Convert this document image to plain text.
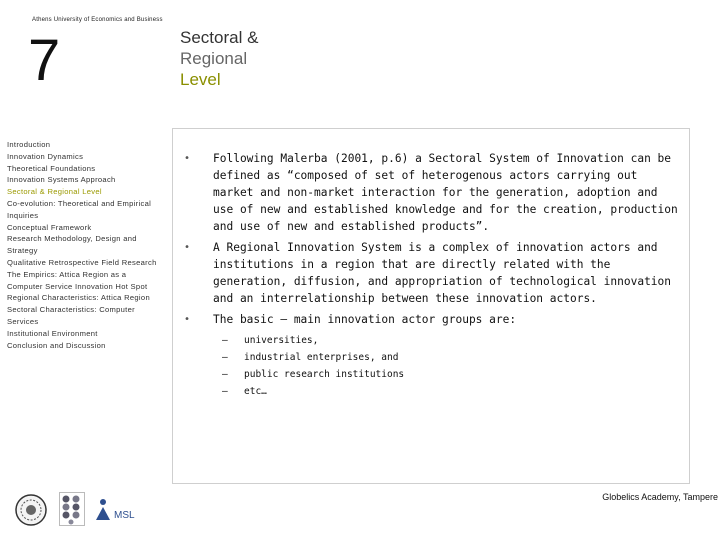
Athens University of Economics and Business
7	Sectoral &
Regional
Level
Introduction
Innovation Dynamics
Theoretical Foundations
Innovation Systems Approach
Sectoral & Regional Level
Co-evolution: Theoretical and Empirical Inquiries
Conceptual Framework
Research Methodology, Design and Strategy
Qualitative Retrospective Field Research
The Empirics: Attica Region as a Computer Service Innovation Hot Spot
Regional Characteristics: Attica Region
Sectoral Characteristics: Computer Services
Institutional Environment
Conclusion and Discussion
• Following Malerba (2001, p.6) a Sectoral System of Innovation can be defined as “composed of set of heterogenous actors carrying out market and non-market interaction for the generation, adoption and use of new and established knowledge and for the creation, production and use of new and established products”.
• A Regional Innovation System is a complex of innovation actors and institutions in a region that are directly related with the generation, diffusion, and appropriation of technological innovation and an interrelationship between these innovation actors.
• The basic – main innovation actor groups are:
– universities,
– industrial enterprises, and
– public research institutions
– etc…
MSL
Globelics Academy, Tampere
